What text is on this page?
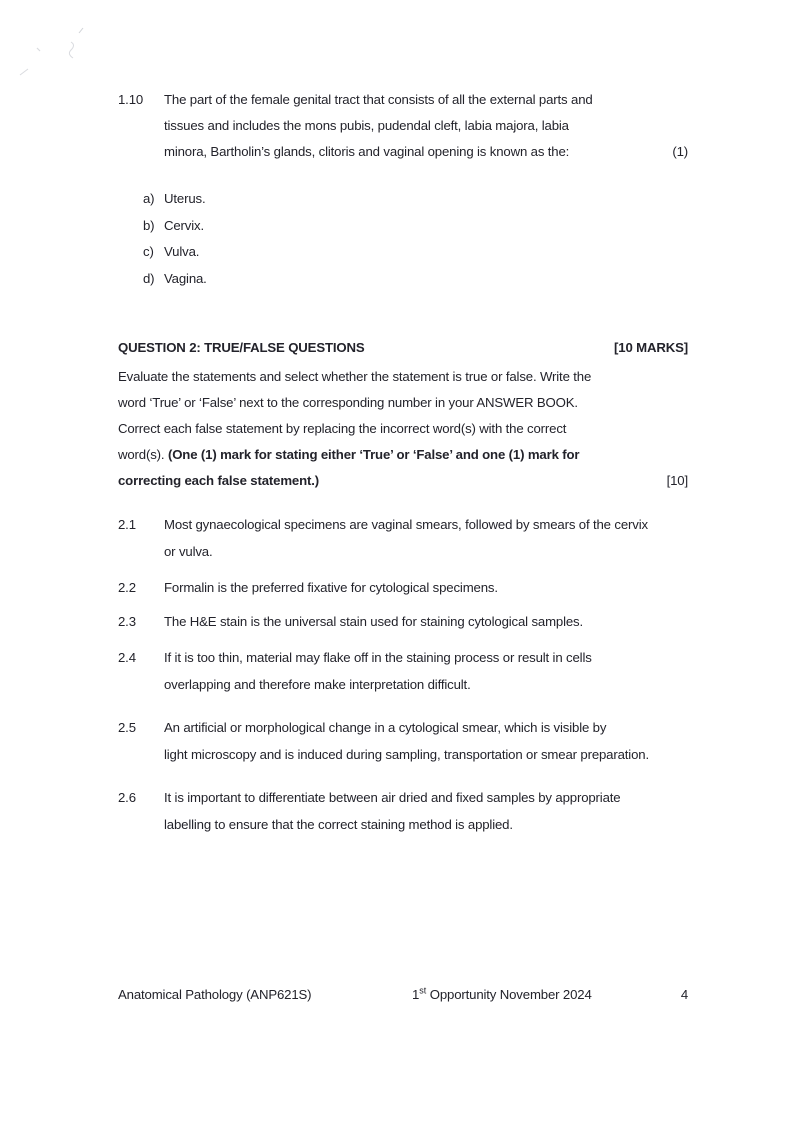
1.10	The part of the female genital tract that consists of all the external parts and
tissues and includes the mons pubis, pudendal cleft, labia majora, labia
minora, Bartholin’s glands, clitoris and vaginal opening is known as the:	(1)
a) Uterus.
b) Cervix.
c) Vulva.
d) Vagina.
QUESTION 2: TRUE/FALSE QUESTIONS	[10 MARKS]
Evaluate the statements and select whether the statement is true or false. Write the
word ‘True’ or ‘False’ next to the corresponding number in your ANSWER BOOK.
Correct each false statement by replacing the incorrect word(s) with the correct
word(s). (One (1) mark for stating either ‘True’ or ‘False’ and one (1) mark for
correcting each false statement.)	[10]
2.1	Most gynaecological specimens are vaginal smears, followed by smears of the cervix
or vulva.
2.2	Formalin is the preferred fixative for cytological specimens.
2.3	The H&E stain is the universal stain used for staining cytological samples.
2.4	If it is too thin, material may flake off in the staining process or result in cells
overlapping and therefore make interpretation difficult.
2.5	An artificial or morphological change in a cytological smear, which is visible by
light microscopy and is induced during sampling, transportation or smear preparation.
2.6	It is important to differentiate between air dried and fixed samples by appropriate
labelling to ensure that the correct staining method is applied.
Anatomical Pathology (ANP621S)	1st Opportunity November 2024	4
